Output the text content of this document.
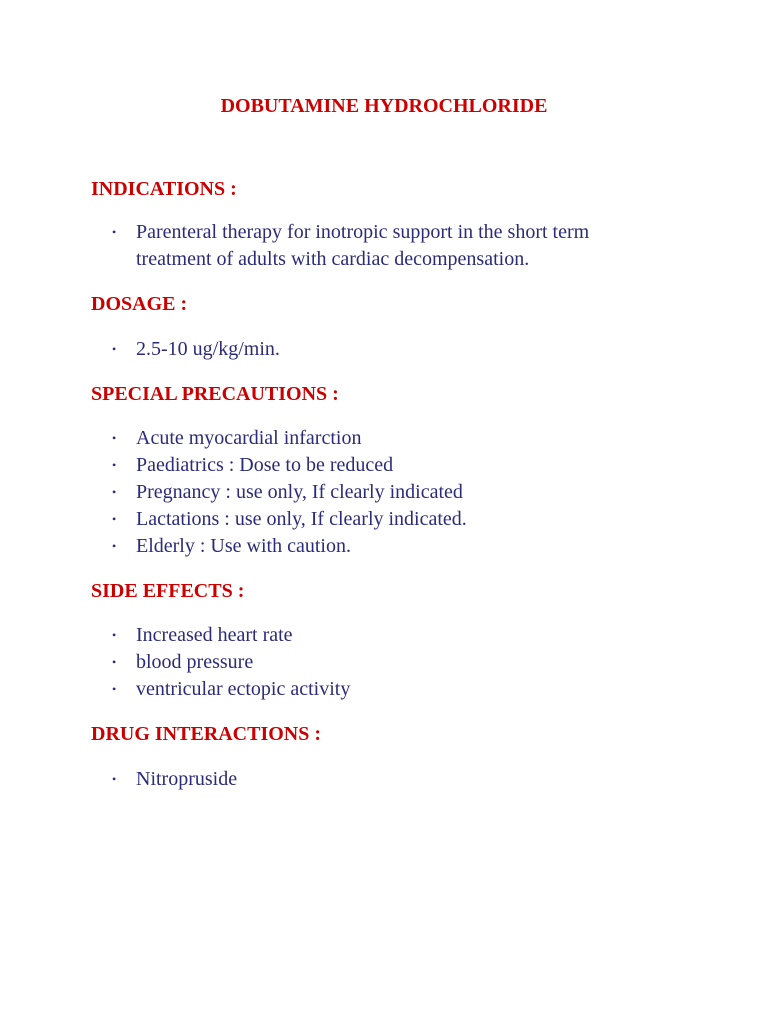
DOBUTAMINE HYDROCHLORIDE
INDICATIONS :
• Parenteral therapy for inotropic support in the short term treatment of adults with cardiac decompensation.
DOSAGE :
• 2.5-10 ug/kg/min.
SPECIAL PRECAUTIONS :
• Acute myocardial infarction
• Paediatrics : Dose to be reduced
• Pregnancy : use only, If clearly indicated
• Lactations : use only, If clearly indicated.
• Elderly : Use with caution.
SIDE EFFECTS :
• Increased heart rate
• blood pressure
• ventricular ectopic activity
DRUG INTERACTIONS :
• Nitropruside
